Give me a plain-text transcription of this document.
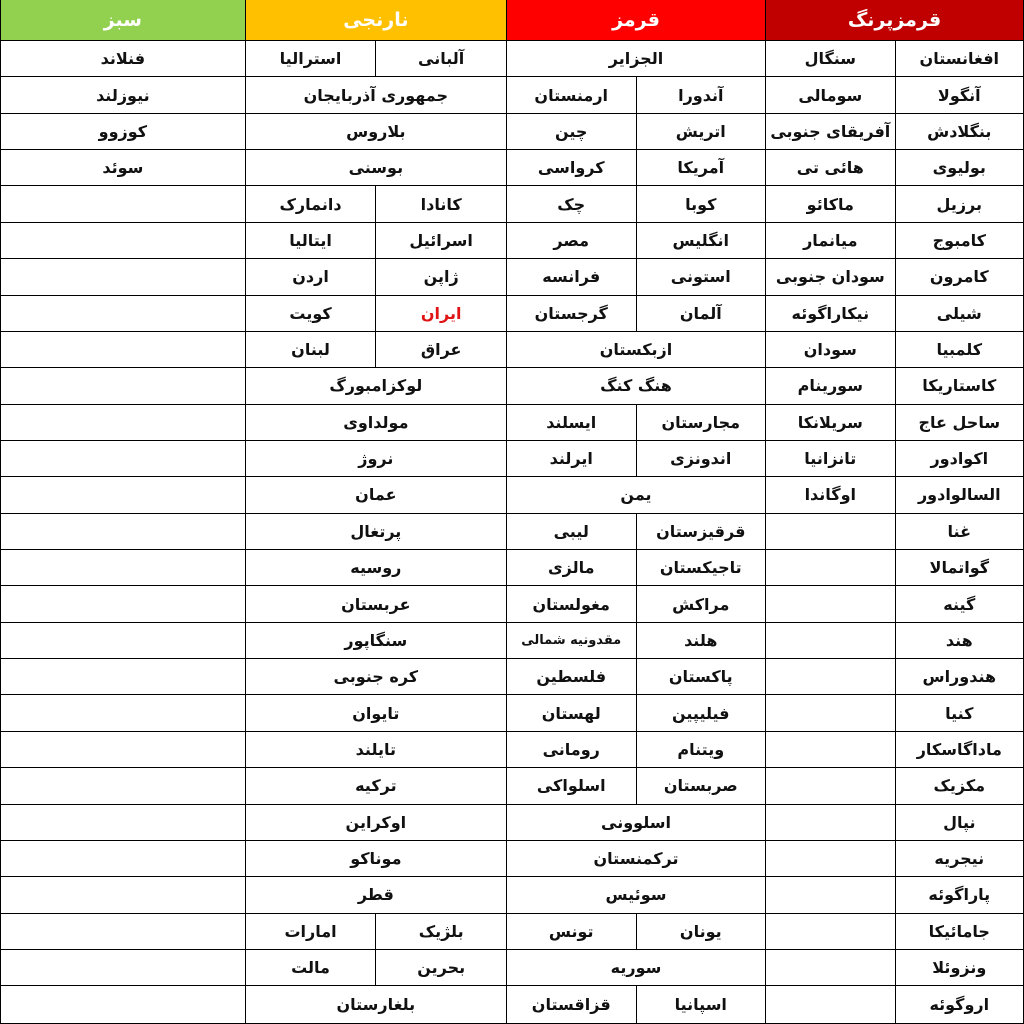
قرمزپرنگ		قرمز		نارنجی		سبز
افغانستان	سنگال	الجزایر		آلبانی	استرالیا	فنلاند
آنگولا	سومالی	آندورا	ارمنستان	جمهوری آذربایجان		نیوزلند
بنگلادش	آفریقای جنوبی	اتریش	چین	بلاروس		کوزوو
بولیوی	هائی تی	آمریکا	کرواسی	بوسنی		سوئد
برزیل	ماکائو	کوبا	چک	کانادا	دانمارک	
کامبوج	میانمار	انگلیس	مصر	اسرائیل	ایتالیا	
کامرون	سودان جنوبی	استونی	فرانسه	ژاپن	اردن	
شیلی	نیکاراگوئه	آلمان	گرجستان	ایران	کویت	
کلمبیا	سودان	ازبکستان		عراق	لبنان	
کاستاریکا	سورینام	هنگ کنگ		لوکزامبورگ		
ساحل عاج	سریلانکا	مجارستان	ایسلند	مولداوی		
اکوادور	تانزانیا	اندونزی	ایرلند	نروژ		
السالوادور	اوگاندا	یمن		عمان		
غنا		قرقیزستان	لیبی	پرتغال		
گواتمالا		تاجیکستان	مالزی	روسیه		
گینه		مراکش	مغولستان	عربستان		
هند		هلند	مقدونیه شمالی	سنگاپور		
هندوراس		پاکستان	فلسطین	کره جنوبی		
کنیا		فیلیپین	لهستان	تایوان		
ماداگاسکار		ویتنام	رومانی	تایلند		
مکزیک		صربستان	اسلواکی	ترکیه		
نپال		اسلوونی		اوکراین		
نیجریه		ترکمنستان		موناکو		
پاراگوئه		سوئیس		قطر		
جامائیکا		یونان	تونس	بلژیک	امارات	
ونزوئلا		سوریه		بحرین	مالت	
اروگوئه		اسپانیا	قزاقستان	بلغارستان		
